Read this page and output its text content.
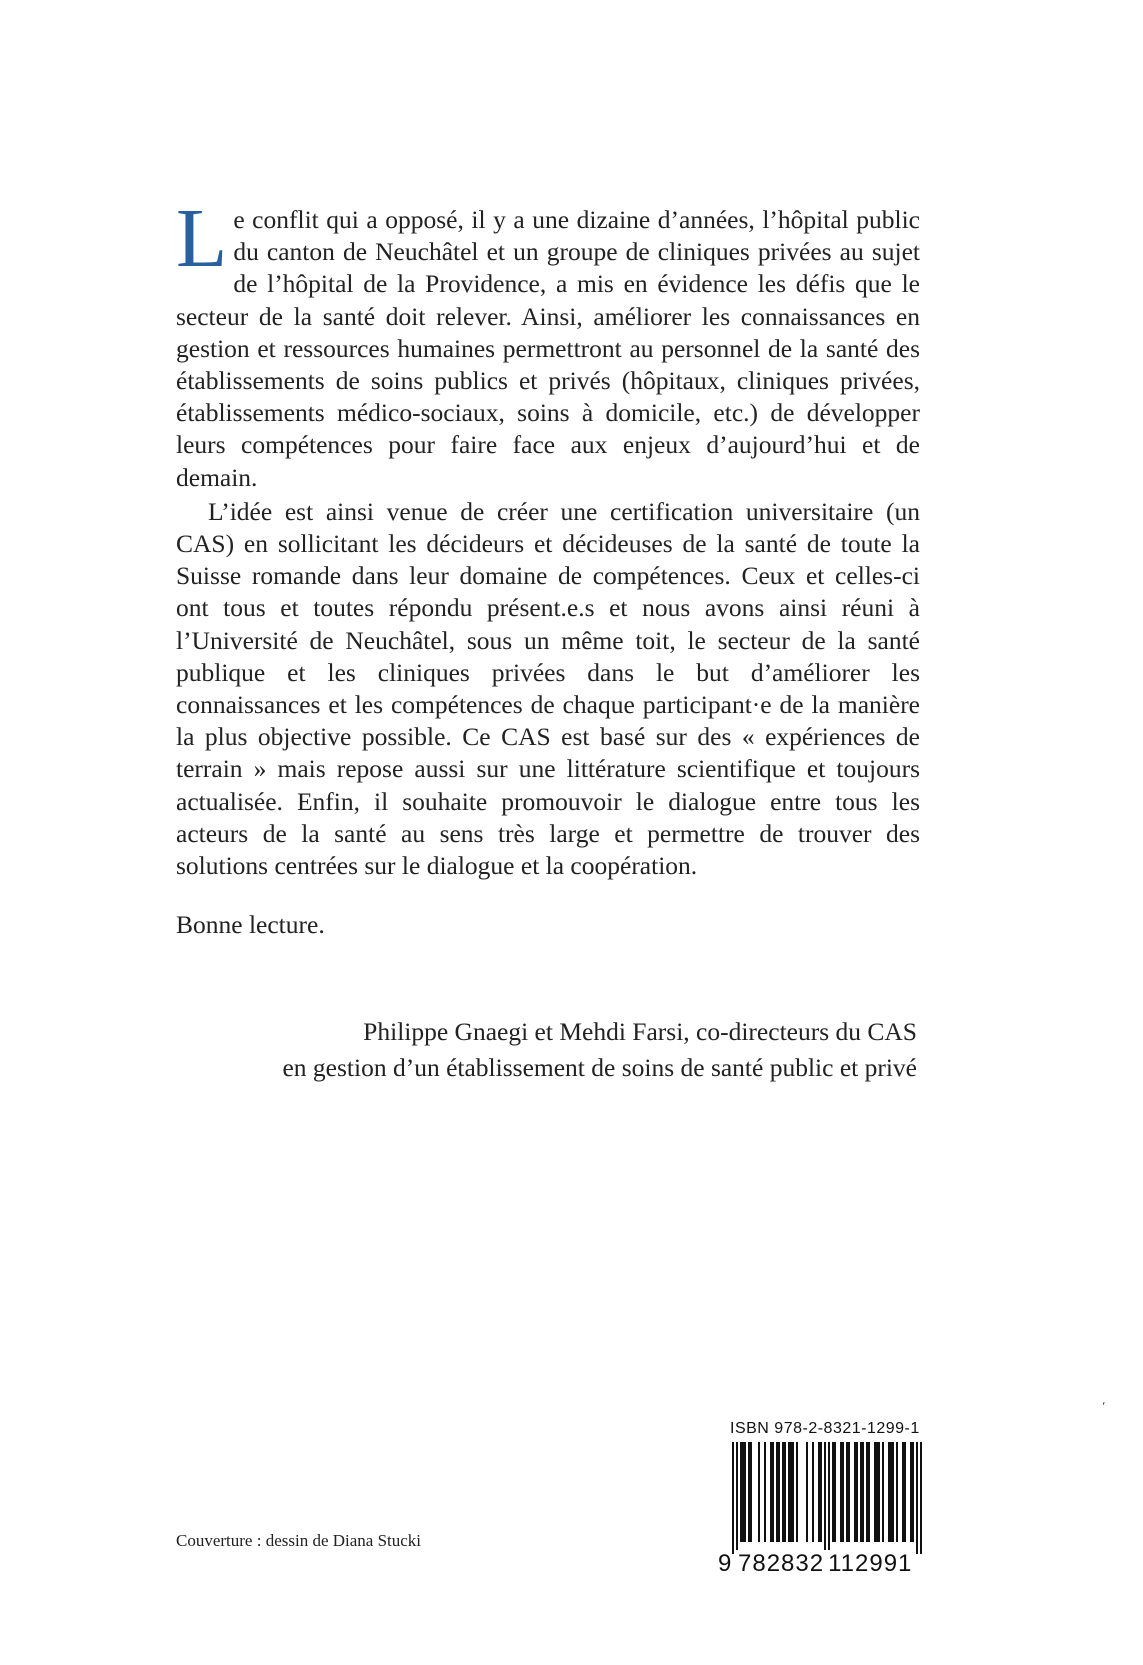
Le conflit qui a opposé, il y a une dizaine d’années, l’hôpital public du canton de Neuchâtel et un groupe de cliniques privées au sujet de l’hôpital de la Providence, a mis en évidence les défis que le secteur de la santé doit relever. Ainsi, améliorer les connaissances en gestion et ressources humaines permettront au personnel de la santé des établissements de soins publics et privés (hôpitaux, cliniques privées, établissements médico-sociaux, soins à domicile, etc.) de développer leurs compétences pour faire face aux enjeux d’aujourd’hui et de demain.

L’idée est ainsi venue de créer une certification universitaire (un CAS) en sollicitant les décideurs et décideuses de la santé de toute la Suisse romande dans leur domaine de compétences. Ceux et celles-ci ont tous et toutes répondu présent.e.s et nous avons ainsi réuni à l’Université de Neuchâtel, sous un même toit, le secteur de la santé publique et les cliniques privées dans le but d’améliorer les connaissances et les compétences de chaque participant·e de la manière la plus objective possible. Ce CAS est basé sur des « expériences de terrain » mais repose aussi sur une littérature scientifique et toujours actualisée. Enfin, il souhaite promouvoir le dialogue entre tous les acteurs de la santé au sens très large et permettre de trouver des solutions centrées sur le dialogue et la coopération.

Bonne lecture.
Philippe Gnaegi et Mehdi Farsi, co-directeurs du CAS
en gestion d’un établissement de soins de santé public et privé
Couverture : dessin de Diana Stucki
ISBN 978-2-8321-1299-1
9 782832 112991
‘
